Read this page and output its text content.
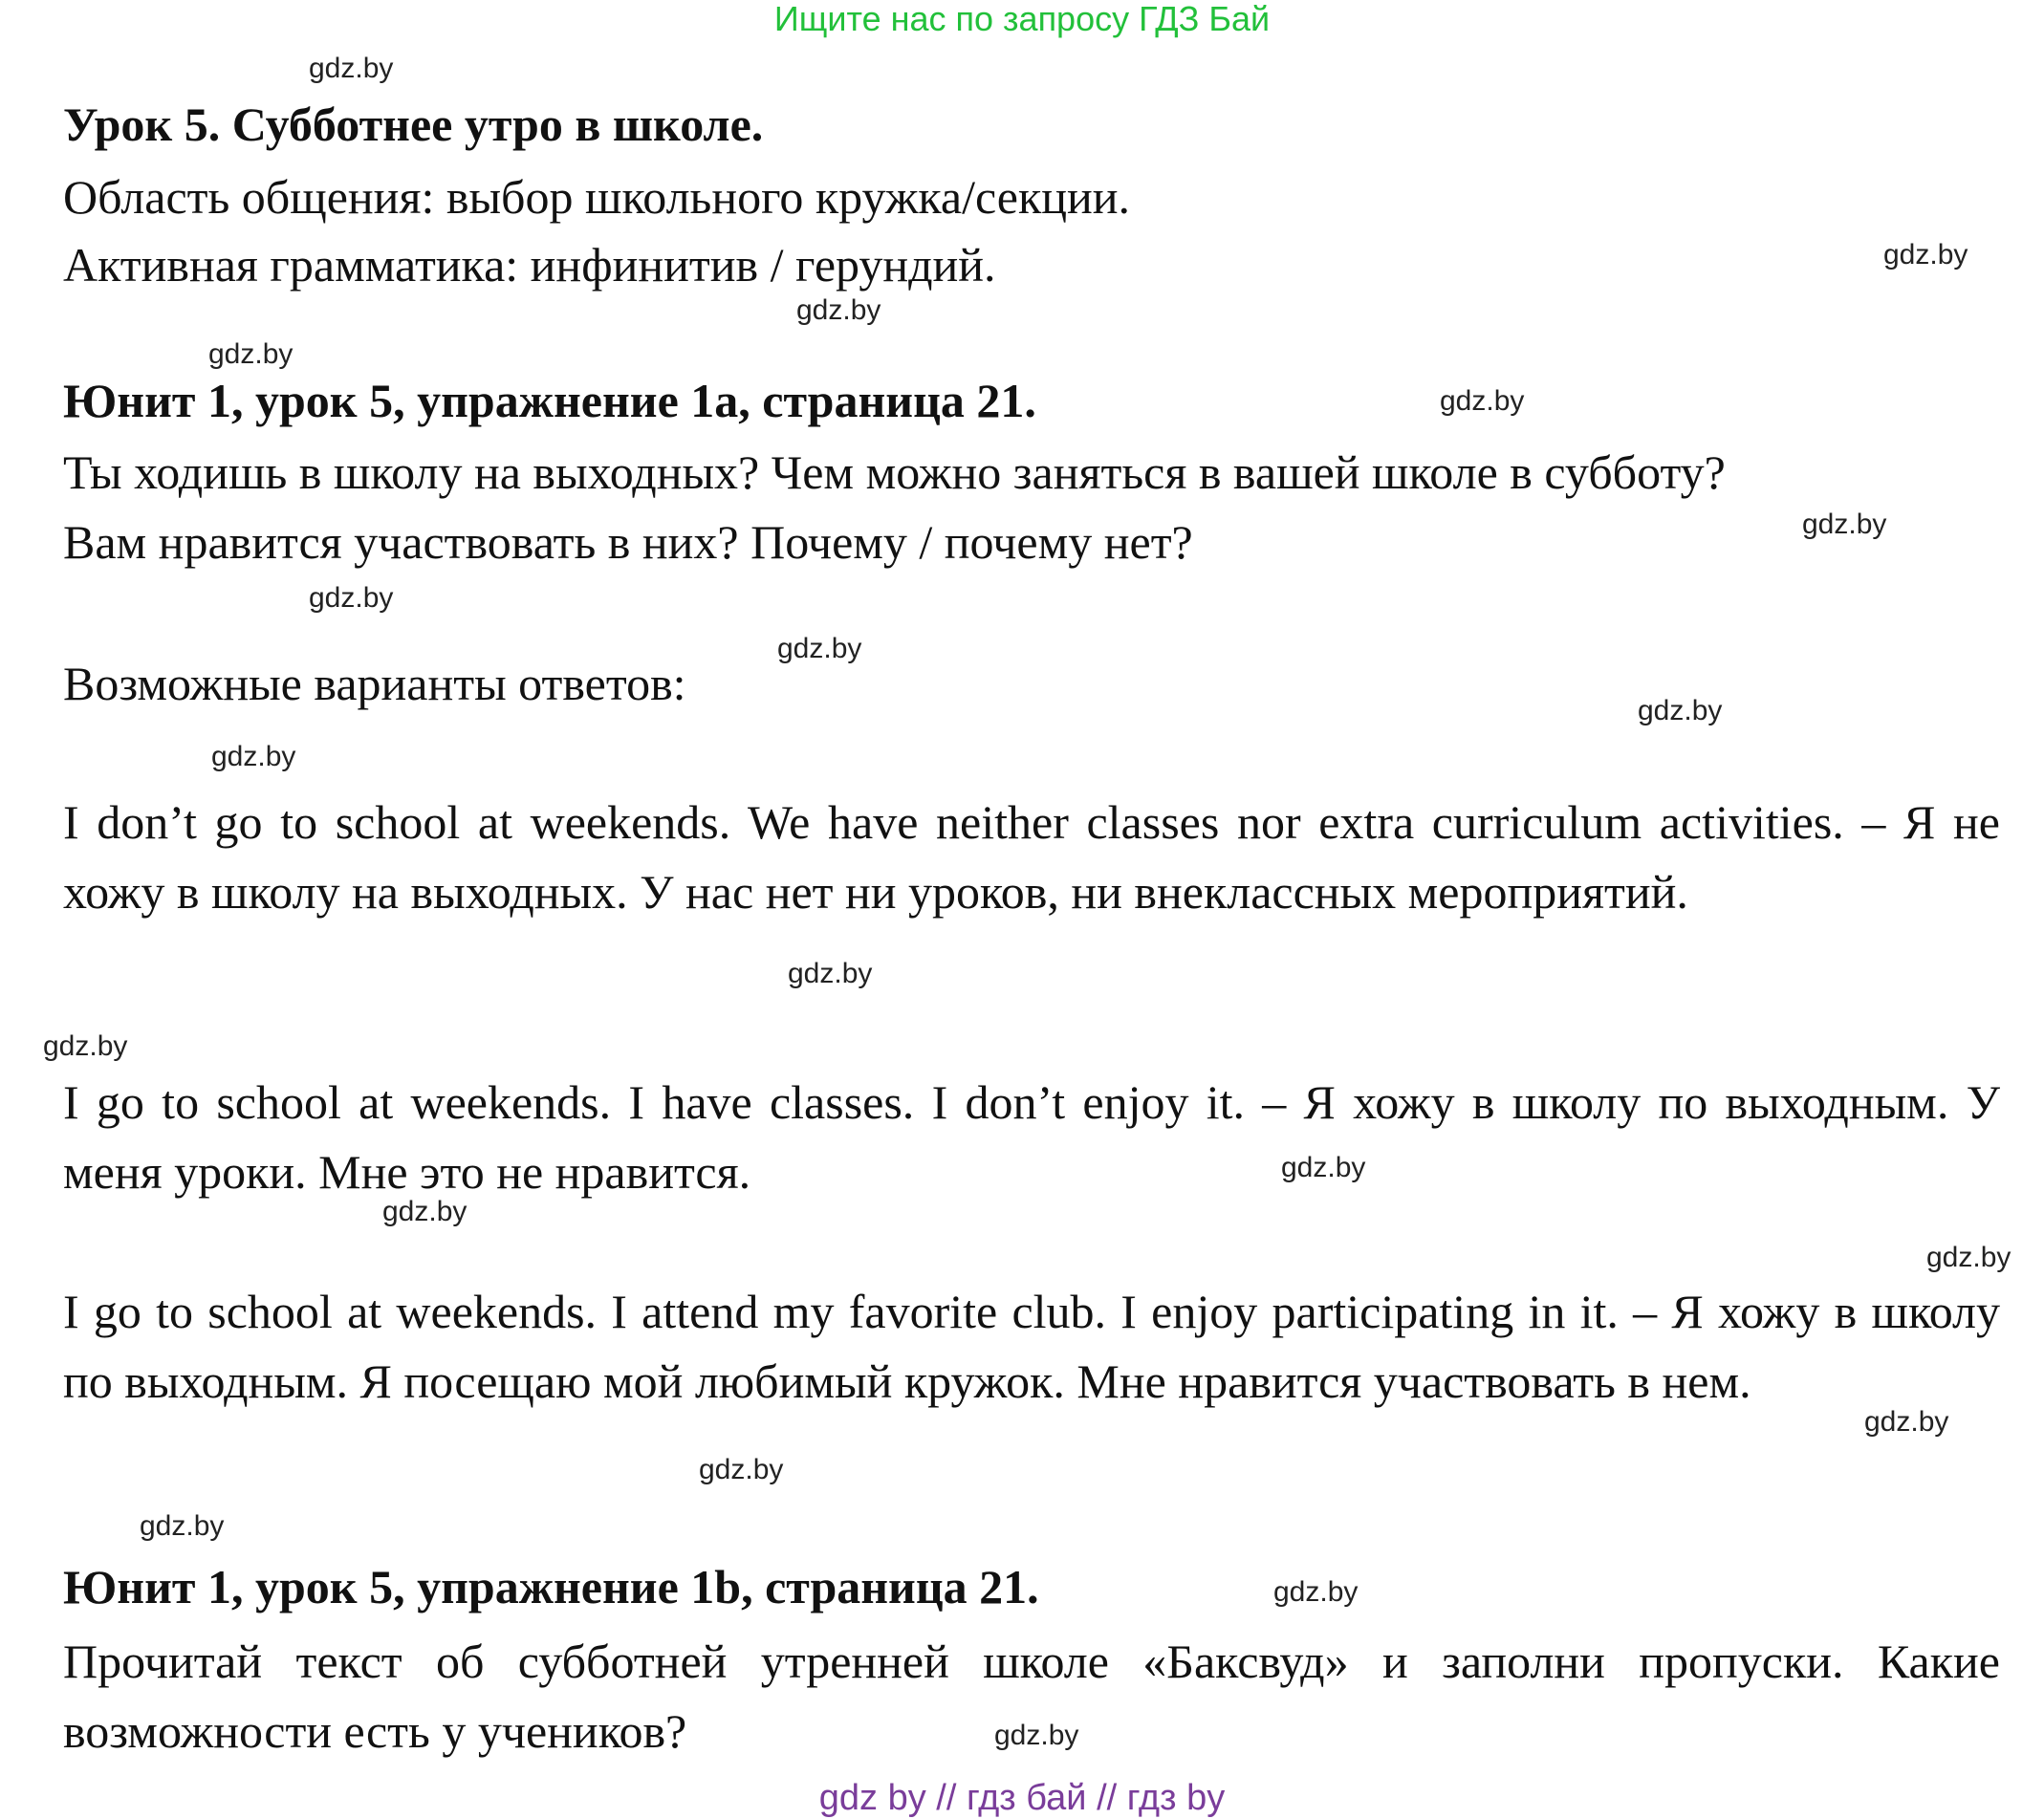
Ищите нас по запросу ГДЗ Бай
Урок 5. Субботнее утро в школе.
Область общения: выбор школьного кружка/секции.
Активная грамматика: инфинитив / герундий.
Юнит 1, урок 5, упражнение 1a, страница 21.
Ты ходишь в школу на выходных? Чем можно заняться в вашей школе в субботу?
Вам нравится участвовать в них? Почему / почему нет?
Возможные варианты ответов:

I don’t go to school at weekends. We have neither classes nor extra curriculum activities. – Я не хожу в школу на выходных. У нас нет ни уроков, ни внеклассных мероприятий.

I go to school at weekends. I have classes. I don’t enjoy it. – Я хожу в школу по выходным. У меня уроки. Мне это не нравится.

I go to school at weekends. I attend my favorite club. I enjoy participating in it. – Я хожу в школу по выходным. Я посещаю мой любимый кружок. Мне нравится участвовать в нем.

Юнит 1, урок 5, упражнение 1b, страница 21.

Прочитай текст об субботней утренней школе «Баксвуд» и заполни пропуски. Какие возможности есть у учеников?

gdz.by
gdz.by
gdz.by
gdz.by
gdz.by
gdz.by
gdz.by
gdz.by
gdz.by
gdz.by
gdz.by
gdz.by
gdz.by
gdz.by
gdz.by
gdz.by
gdz.by
gdz.by
gdz.by
gdz.by
gdz by // гдз бай // гдз by
